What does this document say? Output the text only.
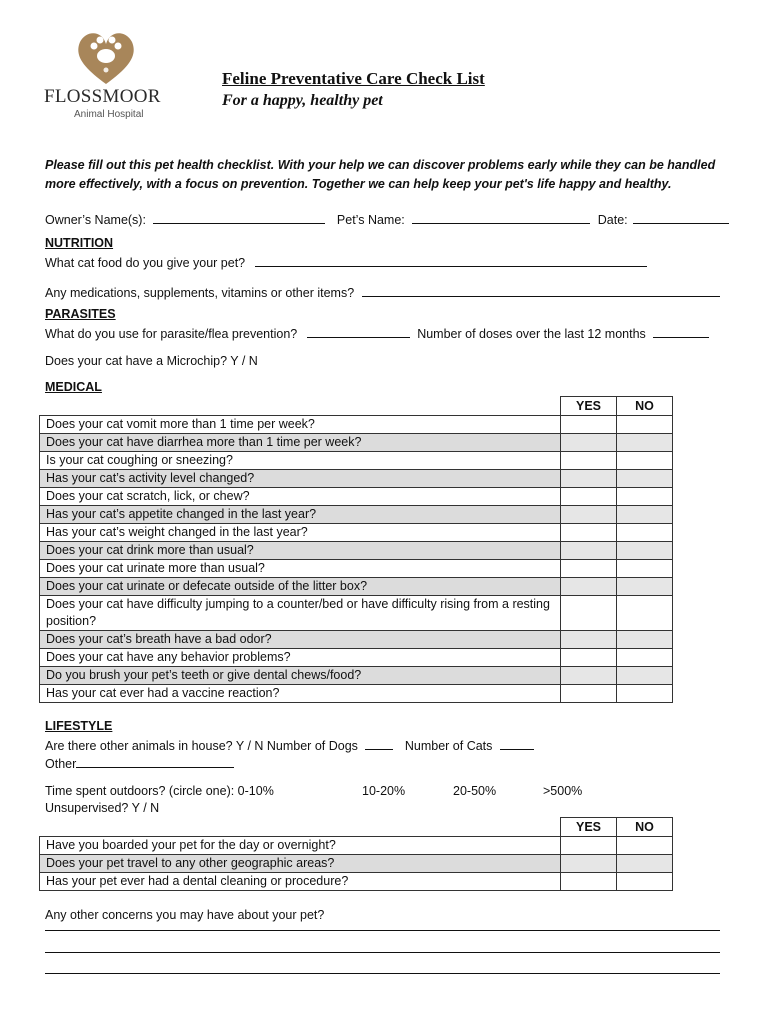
FLOSSMOOR
Animal Hospital
Feline Preventative Care Check List
For a happy, healthy pet
Please fill out this pet health checklist. With your help we can discover problems early while they can be handled more effectively, with a focus on prevention. Together we can help keep your pet's life happy and healthy.
Owner’s Name(s):	Pet’s Name:	Date:
NUTRITION
What cat food do you give your pet?
Any medications, supplements, vitamins or other items?
PARASITES
What do you use for parasite/flea prevention?	Number of doses over the last 12 months
Does your cat have a Microchip? Y / N
MEDICAL
	YES	NO
Does your cat vomit more than 1 time per week?		
Does your cat have diarrhea more than 1 time per week?		
Is your cat coughing or sneezing?		
Has your cat’s activity level changed?		
Does your cat scratch, lick, or chew?		
Has your cat’s appetite changed in the last year?		
Has your cat’s weight changed in the last year?		
Does your cat drink more than usual?		
Does your cat urinate more than usual?		
Does your cat urinate or defecate outside of the litter box?		
Does your cat have difficulty jumping to a counter/bed or have difficulty rising from a resting position?		
Does your cat’s breath have a bad odor?		
Does your cat have any behavior problems?		
Do you brush your pet’s teeth or give dental chews/food?		
Has your cat ever had a vaccine reaction?		
LIFESTYLE
Are there other animals in house? Y / N Number of Dogs	Number of Cats
Other
Time spent outdoors? (circle one): 0-10%	10-20%	20-50%	>500%
Unsupervised? Y / N
	YES	NO
Have you boarded your pet for the day or overnight?		
Does your pet travel to any other geographic areas?		
Has your pet ever had a dental cleaning or procedure?		
Any other concerns you may have about your pet?
